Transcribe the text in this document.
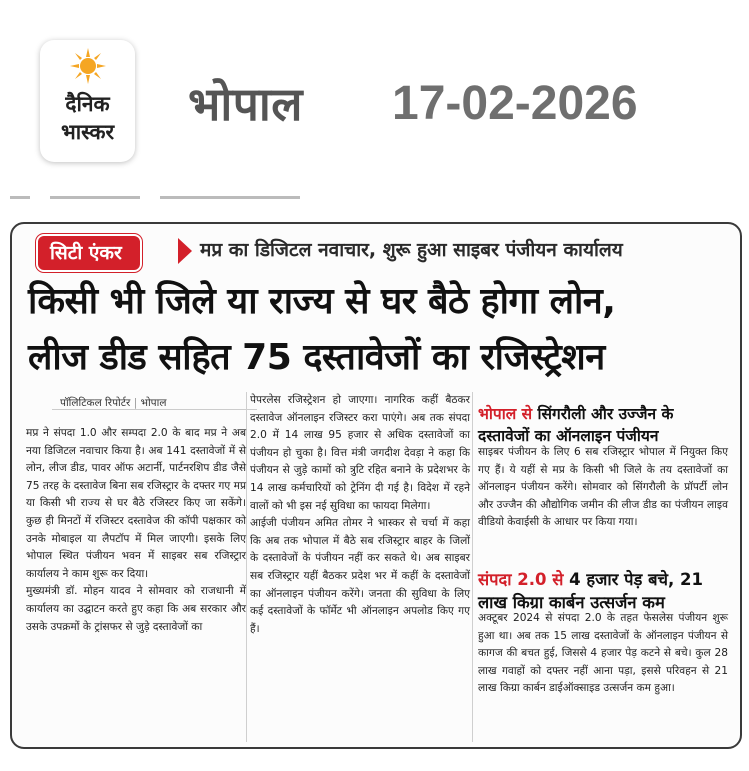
दैनिक
भास्कर
भोपाल 17-02-2026
सिटी एंकर	मप्र का डिजिटल नवाचार, शुरू हुआ साइबर पंजीयन कार्यालय
किसी भी जिले या राज्य से घर बैठे होगा लोन,
लीज डीड सहित 75 दस्तावेजों का रजिस्ट्रेशन
पॉलिटिकल रिपोर्टर | भोपाल
मप्र ने संपदा 1.0 और सम्पदा 2.0 के बाद मप्र ने अब नया डिजिटल नवाचार किया है। अब 141 दस्तावेजों में से लोन, लीज डीड, पावर ऑफ अटार्नी, पार्टनरशिप डीड जैसे 75 तरह के दस्तावेज बिना सब रजिस्ट्रार के दफ्तर गए मप्र या किसी भी राज्य से घर बैठे रजिस्टर किए जा सकेंगे। कुछ ही मिनटों में रजिस्टर दस्तावेज की कॉपी पक्षकार को उनके मोबाइल या लैपटॉप में मिल जाएगी। इसके लिए भोपाल स्थित पंजीयन भवन में साइबर सब रजिस्ट्रार कार्यालय ने काम शुरू कर दिया।
मुख्यमंत्री डॉ. मोहन यादव ने सोमवार को राजधानी में कार्यालय का उद्घाटन करते हुए कहा कि अब सरकार और उसके उपक्रमों के ट्रांसफर से जुड़े दस्तावेजों का
पेपरलेस रजिस्ट्रेशन हो जाएगा। नागरिक कहीं बैठकर दस्तावेज ऑनलाइन रजिस्टर करा पाएंगे। अब तक संपदा 2.0 में 14 लाख 95 हजार से अधिक दस्तावेजों का पंजीयन हो चुका है। वित्त मंत्री जगदीश देवड़ा ने कहा कि पंजीयन से जुड़े कामों को त्रुटि रहित बनाने के प्रदेशभर के 14 लाख कर्मचारियों को ट्रेनिंग दी गई है। विदेश में रहने वालों को भी इस नई सुविधा का फायदा मिलेगा।
आईजी पंजीयन अमित तोमर ने भास्कर से चर्चा में कहा कि अब तक भोपाल में बैठे सब रजिस्ट्रार बाहर के जिलों के दस्तावेजों के पंजीयन नहीं कर सकते थे। अब साइबर सब रजिस्ट्रार यहीं बैठकर प्रदेश भर में कहीं के दस्तावेजों का ऑनलाइन पंजीयन करेंगे। जनता की सुविधा के लिए कई दस्तावेजों के फॉर्मेट भी ऑनलाइन अपलोड किए गए हैं।
भोपाल से सिंगरौली और उज्जैन के
दस्तावेजों का ऑनलाइन पंजीयन
साइबर पंजीयन के लिए 6 सब रजिस्ट्रार भोपाल में नियुक्त किए गए हैं। ये यहीं से मप्र के किसी भी जिले के तय दस्तावेजों का ऑनलाइन पंजीयन करेंगे। सोमवार को सिंगरौली के प्रॉपर्टी लोन और उज्जैन की औद्योगिक जमीन की लीज डीड का पंजीयन लाइव वीडियो केवाईसी के आधार पर किया गया।
संपदा 2.0 से 4 हजार पेड़ बचे, 21
लाख किग्रा कार्बन उत्सर्जन कम
अक्टूबर 2024 से संपदा 2.0 के तहत फेसलेस पंजीयन शुरू हुआ था। अब तक 15 लाख दस्तावेजों के ऑनलाइन पंजीयन से कागज की बचत हुई, जिससे 4 हजार पेड़ कटने से बचे। कुल 28 लाख गवाहों को दफ्तर नहीं आना पड़ा, इससे परिवहन से 21 लाख किग्रा कार्बन डाईऑक्साइड उत्सर्जन कम हुआ।
